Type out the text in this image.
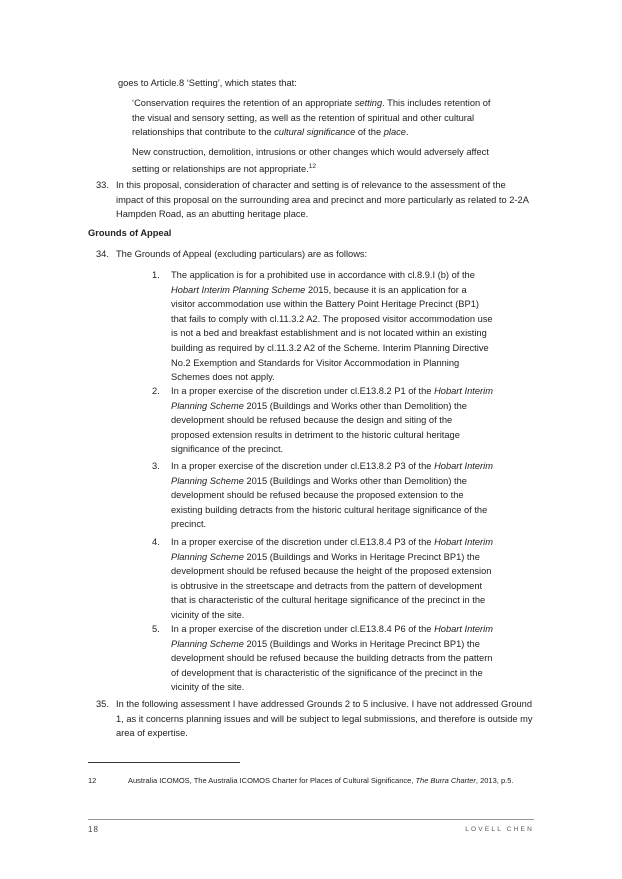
goes to Article.8 ‘Setting’, which states that:

‘Conservation requires the retention of an appropriate setting. This includes retention of the visual and sensory setting, as well as the retention of spiritual and other cultural relationships that contribute to the cultural significance of the place.

New construction, demolition, intrusions or other changes which would adversely affect setting or relationships are not appropriate.$^{12}$

33. In this proposal, consideration of character and setting is of relevance to the assessment of the impact of this proposal on the surrounding area and precinct and more particularly as related to 2-2A Hampden Road, as an abutting heritage place.

Grounds of Appeal
34. The Grounds of Appeal (excluding particulars) are as follows:

1. The application is for a prohibited use in accordance with cl.8.9.I (b) of the Hobart Interim Planning Scheme 2015, because it is an application for a visitor accommodation use within the Battery Point Heritage Precinct (BP1) that fails to comply with cl.11.3.2 A2. The proposed visitor accommodation use is not a bed and breakfast establishment and is not located within an existing building as required by cl.11.3.2 A2 of the Scheme. Interim Planning Directive No.2 Exemption and Standards for Visitor Accommodation in Planning Schemes does not apply.

2. In a proper exercise of the discretion under cl.E13.8.2 P1 of the Hobart Interim Planning Scheme 2015 (Buildings and Works other than Demolition) the development should be refused because the design and siting of the proposed extension results in detriment to the historic cultural heritage significance of the precinct.

3. In a proper exercise of the discretion under cl.E13.8.2 P3 of the Hobart Interim Planning Scheme 2015 (Buildings and Works other than Demolition) the development should be refused because the proposed extension to the existing building detracts from the historic cultural heritage significance of the precinct.

4. In a proper exercise of the discretion under cl.E13.8.4 P3 of the Hobart Interim Planning Scheme 2015 (Buildings and Works in Heritage Precinct BP1) the development should be refused because the height of the proposed extension is obtrusive in the streetscape and detracts from the pattern of development that is characteristic of the cultural heritage significance of the precinct in the vicinity of the site.

5. In a proper exercise of the discretion under cl.E13.8.4 P6 of the Hobart Interim Planning Scheme 2015 (Buildings and Works in Heritage Precinct BP1) the development should be refused because the building detracts from the pattern of development that is characteristic of the significance of the precinct in the vicinity of the site.

35. In the following assessment I have addressed Grounds 2 to 5 inclusive. I have not addressed Ground 1, as it concerns planning issues and will be subject to legal submissions, and therefore is outside my area of expertise.

12	Australia ICOMOS, The Australia ICOMOS Charter for Places of Cultural Significance, The Burra Charter, 2013, p.5.

18	LOVELL CHEN
